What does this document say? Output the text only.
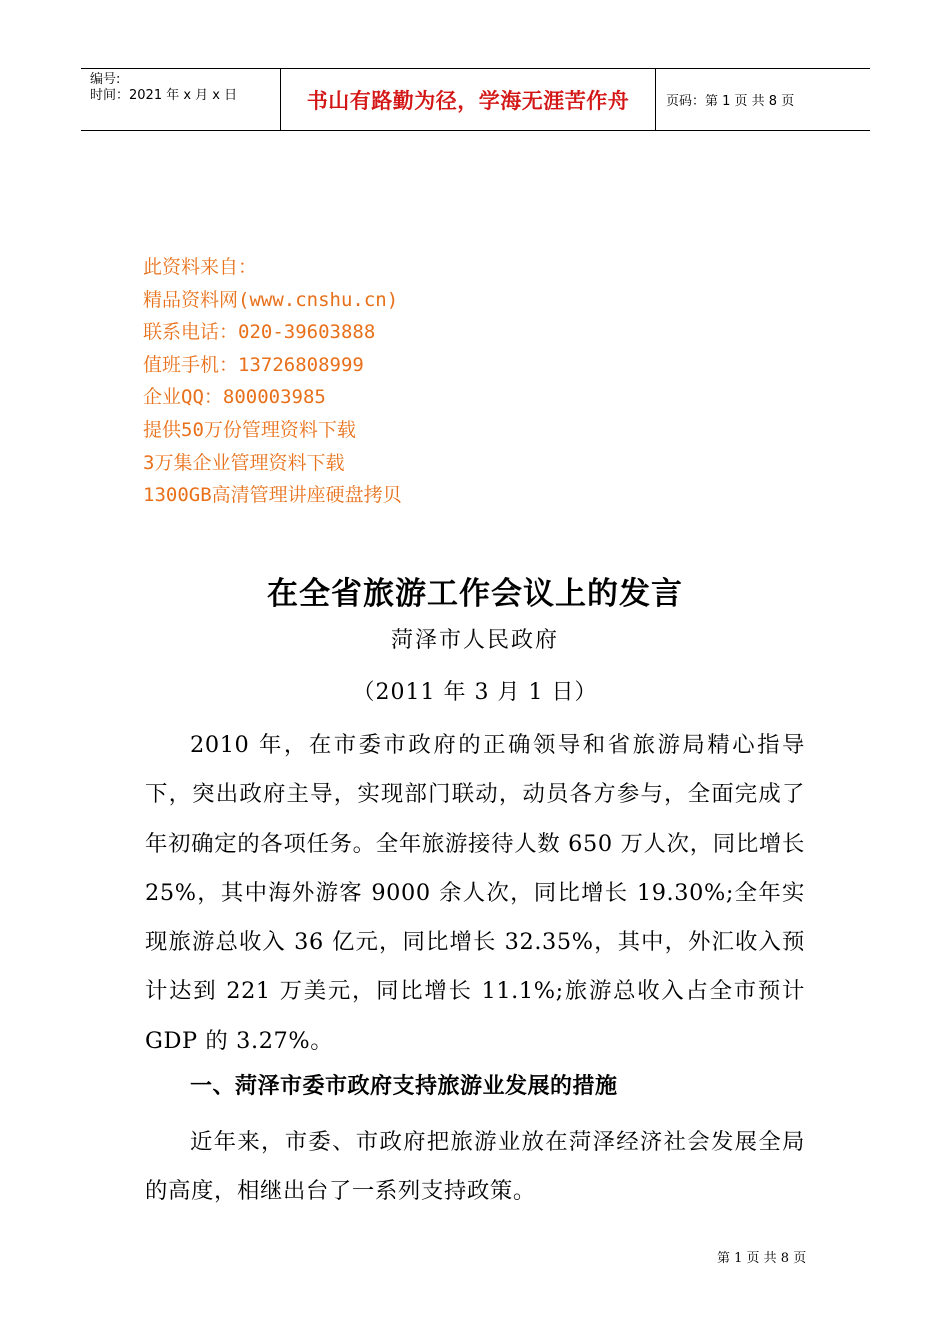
编号:
时间：2021 年 x 月 x 日	书山有路勤为径，学海无涯苦作舟	页码：第 1 页 共 8 页
此资料来自：
精品资料网(www.cnshu.cn)
联系电话：020-39603888
值班手机：13726808999
企业QQ：800003985
提供50万份管理资料下载
3万集企业管理资料下载
1300GB高清管理讲座硬盘拷贝
在全省旅游工作会议上的发言
菏泽市人民政府
（2011 年 3 月 1 日）
2010 年，在市委市政府的正确领导和省旅游局精心指导下，突出政府主导，实现部门联动，动员各方参与，全面完成了年初确定的各项任务。全年旅游接待人数 650 万人次，同比增长 25%，其中海外游客 9000 余人次，同比增长 19.30%;全年实现旅游总收入 36 亿元，同比增长 32.35%，其中，外汇收入预计达到 221 万美元，同比增长 11.1%;旅游总收入占全市预计 GDP 的 3.27%。
一、菏泽市委市政府支持旅游业发展的措施
近年来，市委、市政府把旅游业放在菏泽经济社会发展全局的高度，相继出台了一系列支持政策。
第 1 页 共 8 页
